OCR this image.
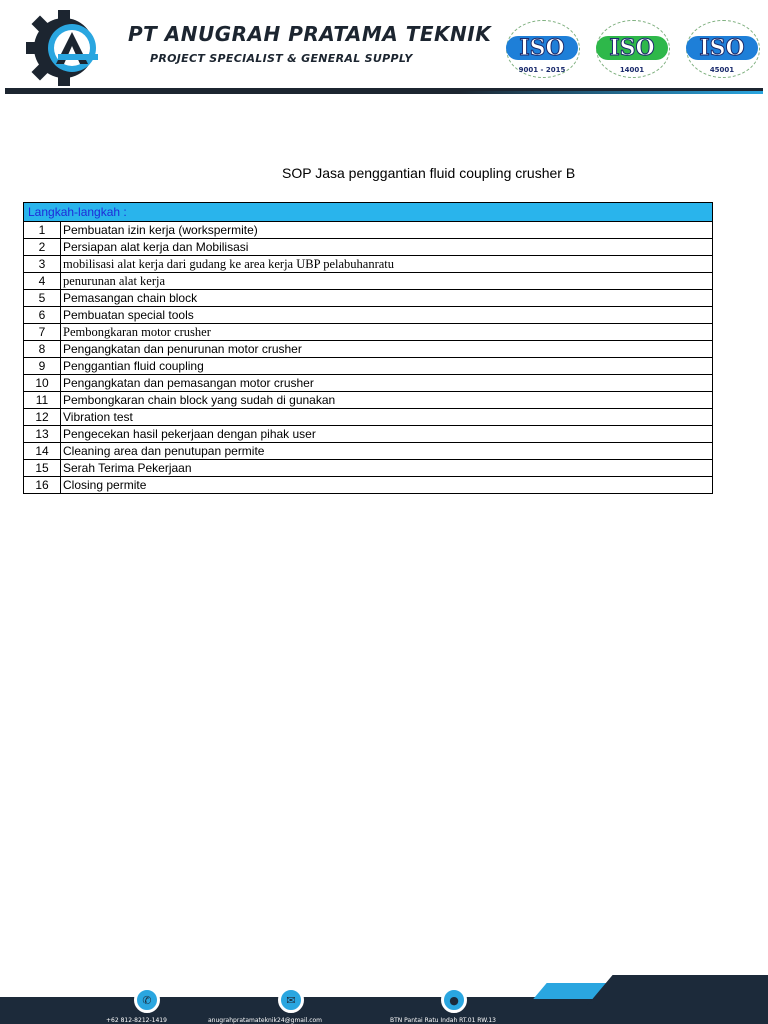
PT ANUGRAH PRATAMA TEKNIK
PROJECT SPECIALIST & GENERAL SUPPLY	ISO
9001 - 2015
ISO
14001
ISO
45001
SOP Jasa penggantian fluid coupling crusher B
Langkah-langkah :	
1	Pembuatan izin kerja (workspermite)
2	Persiapan alat kerja dan Mobilisasi
3	mobilisasi alat kerja dari gudang ke area kerja UBP pelabuhanratu
4	penurunan alat kerja
5	Pemasangan chain block
6	Pembuatan special tools
7	Pembongkaran motor crusher
8	Pengangkatan dan penurunan motor crusher
9	Penggantian fluid coupling
10	Pengangkatan dan pemasangan motor crusher
11	Pembongkaran chain block yang sudah di gunakan
12	Vibration test
13	Pengecekan hasil pekerjaan dengan pihak user
14	Cleaning area dan penutupan permite
15	Serah Terima Pekerjaan
16	Closing permite
✆
+62 812-8212-1419
✉
anugrahpratamateknik24@gmail.com
●
BTN Pantai Ratu Indah RT.01 RW.13
